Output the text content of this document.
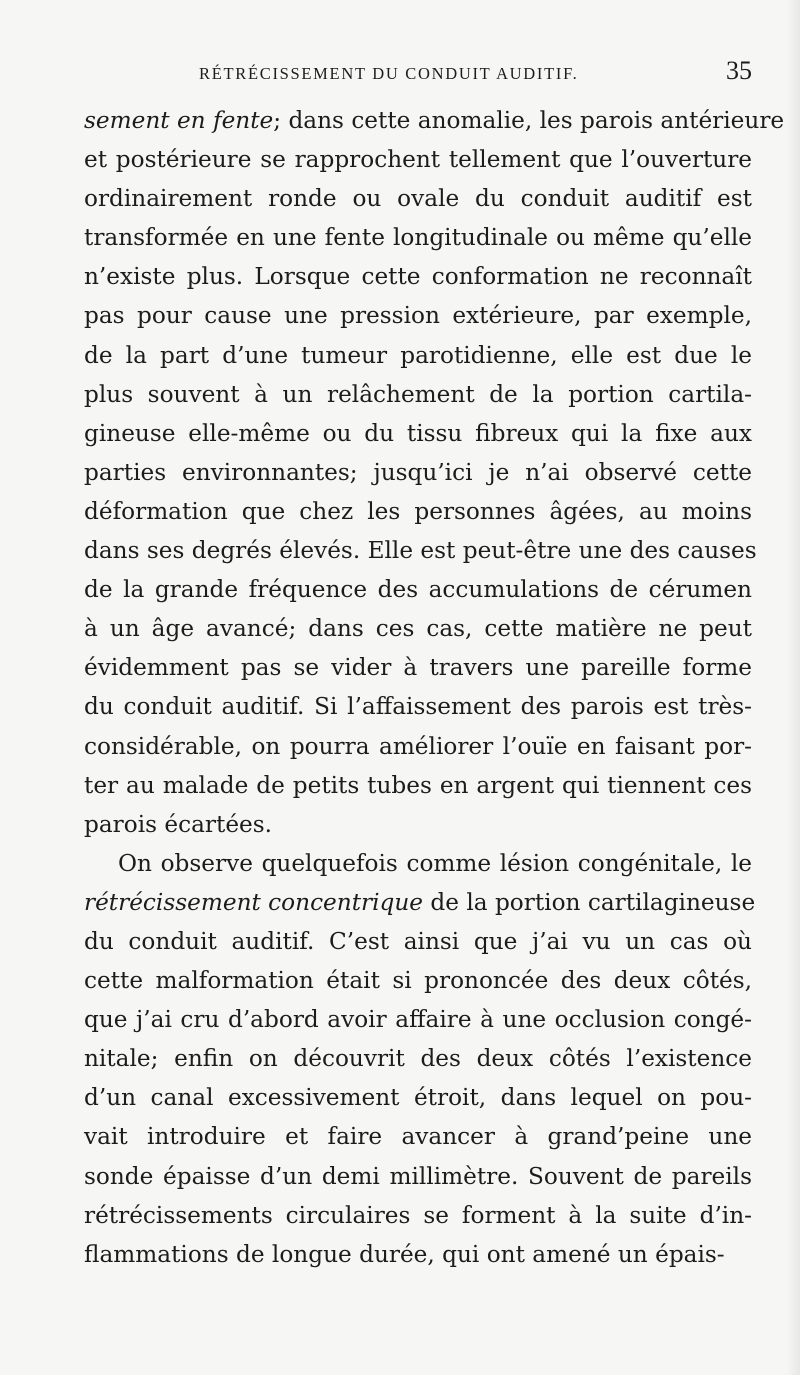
RÉTRÉCISSEMENT DU CONDUIT AUDITIF.	35
sement en fente; dans cette anomalie, les parois antérieure
et postérieure se rapprochent tellement que l’ouverture
ordinairement ronde ou ovale du conduit auditif est
transformée en une fente longitudinale ou même qu’elle
n’existe plus. Lorsque cette conformation ne reconnaît
pas pour cause une pression extérieure, par exemple,
de la part d’une tumeur parotidienne, elle est due le
plus souvent à un relâchement de la portion cartila-
gineuse elle-même ou du tissu fibreux qui la fixe aux
parties environnantes; jusqu’ici je n’ai observé cette
déformation que chez les personnes âgées, au moins
dans ses degrés élevés. Elle est peut-être une des causes
de la grande fréquence des accumulations de cérumen
à un âge avancé; dans ces cas, cette matière ne peut
évidemment pas se vider à travers une pareille forme
du conduit auditif. Si l’affaissement des parois est très-
considérable, on pourra améliorer l’ouïe en faisant por-
ter au malade de petits tubes en argent qui tiennent ces
parois écartées.
On observe quelquefois comme lésion congénitale, le
rétrécissement concentrique de la portion cartilagineuse
du conduit auditif. C’est ainsi que j’ai vu un cas où
cette malformation était si prononcée des deux côtés,
que j’ai cru d’abord avoir affaire à une occlusion congé-
nitale; enfin on découvrit des deux côtés l’existence
d’un canal excessivement étroit, dans lequel on pou-
vait introduire et faire avancer à grand’peine une
sonde épaisse d’un demi millimètre. Souvent de pareils
rétrécissements circulaires se forment à la suite d’in-
flammations de longue durée, qui ont amené un épais-
